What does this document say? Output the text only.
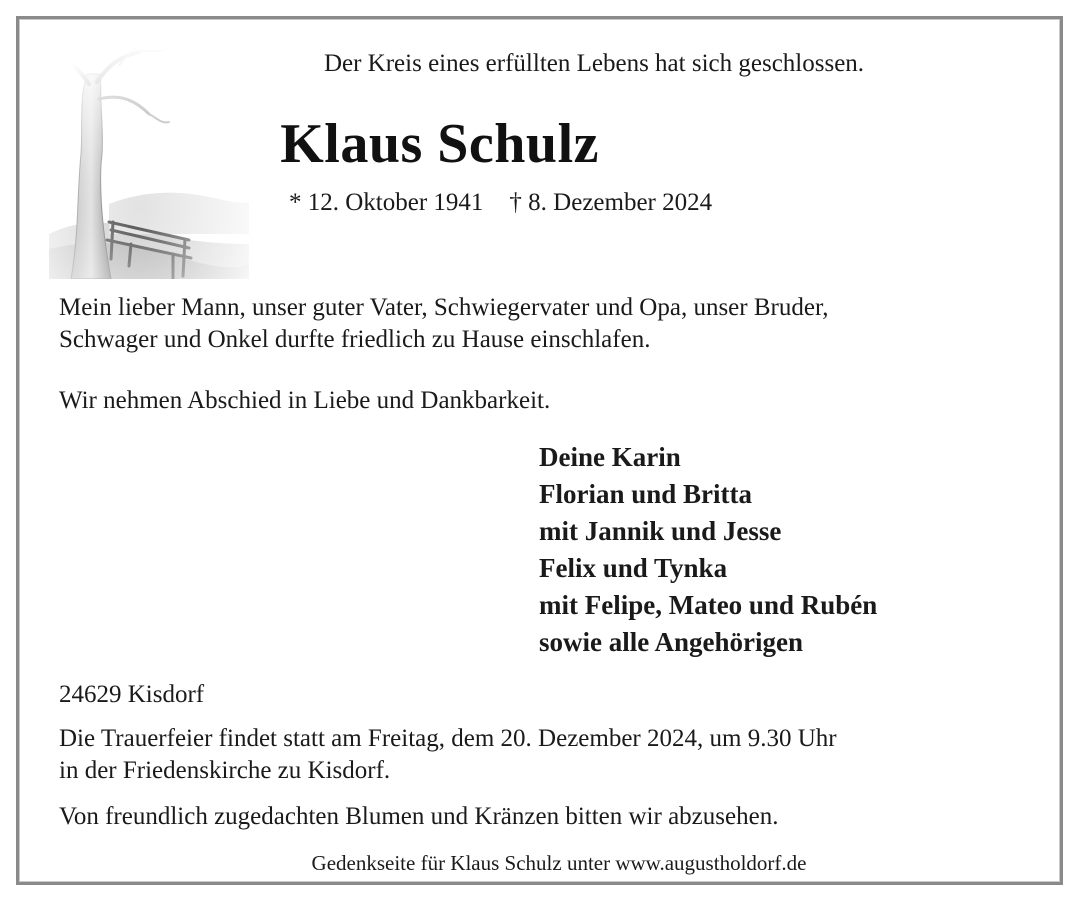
Der Kreis eines erfüllten Lebens hat sich geschlossen.
Klaus Schulz
* 12. Oktober 1941 † 8. Dezember 2024
Mein lieber Mann, unser guter Vater, Schwiegervater und Opa, unser Bruder,
Schwager und Onkel durfte friedlich zu Hause einschlafen.
Wir nehmen Abschied in Liebe und Dankbarkeit.
Deine Karin
Florian und Britta
mit Jannik und Jesse
Felix und Tynka
mit Felipe, Mateo und Rubén
sowie alle Angehörigen
24629 Kisdorf
Die Trauerfeier findet statt am Freitag, dem 20. Dezember 2024, um 9.30 Uhr
in der Friedenskirche zu Kisdorf.
Von freundlich zugedachten Blumen und Kränzen bitten wir abzusehen.
Gedenkseite für Klaus Schulz unter www.augustholdorf.de
